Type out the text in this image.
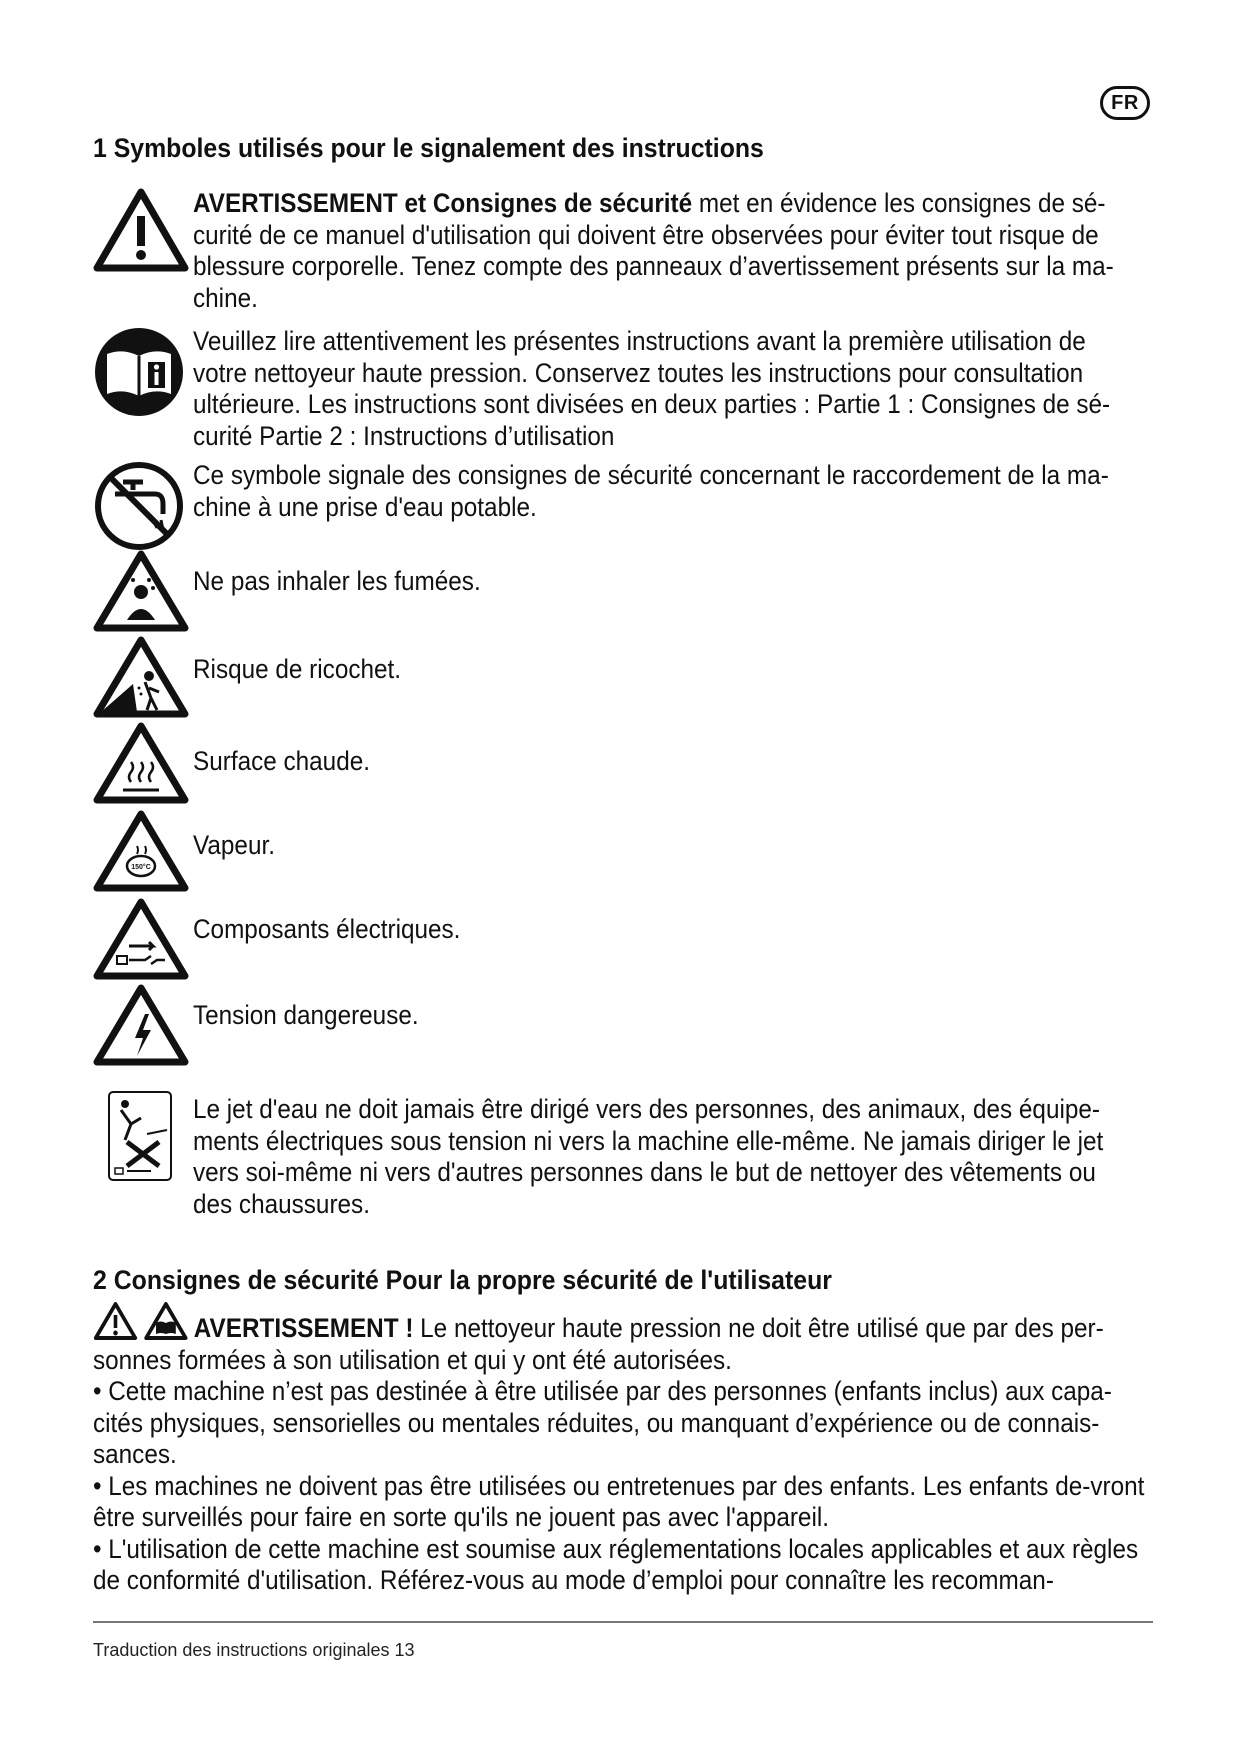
FR
1 Symboles utilisés pour le signalement des instructions

AVERTISSEMENT et Consignes de sécurité met en évidence les consignes de sé-curité de ce manuel d'utilisation qui doivent être observées pour éviter tout risque de blessure corporelle. Tenez compte des panneaux d’avertissement présents sur la ma-chine.

Veuillez lire attentivement les présentes instructions avant la première utilisation de votre nettoyeur haute pression. Conservez toutes les instructions pour consultation ultérieure. Les instructions sont divisées en deux parties : Partie 1 : Consignes de sé-curité Partie 2 : Instructions d’utilisation

Ce symbole signale des consignes de sécurité concernant le raccordement de la ma-chine à une prise d'eau potable.

Ne pas inhaler les fumées.

Risque de ricochet.

Surface chaude.

150°C

Vapeur.

Composants électriques.

Tension dangereuse.

Le jet d'eau ne doit jamais être dirigé vers des personnes, des animaux, des équipe-ments électriques sous tension ni vers la machine elle-même. Ne jamais diriger le jet vers soi-même ni vers d'autres personnes dans le but de nettoyer des vêtements ou des chaussures.

2 Consignes de sécurité Pour la propre sécurité de l'utilisateur

AVERTISSEMENT ! Le nettoyeur haute pression ne doit être utilisé que par des per-sonnes formées à son utilisation et qui y ont été autorisées.

• Cette machine n’est pas destinée à être utilisée par des personnes (enfants inclus) aux capa-cités physiques, sensorielles ou mentales réduites, ou manquant d’expérience ou de connais-sances.

• Les machines ne doivent pas être utilisées ou entretenues par des enfants. Les enfants de-vront être surveillés pour faire en sorte qu'ils ne jouent pas avec l'appareil.

• L'utilisation de cette machine est soumise aux réglementations locales applicables et aux règles de conformité d'utilisation. Référez-vous au mode d’emploi pour connaître les recomman-

Traduction des instructions originales 13
